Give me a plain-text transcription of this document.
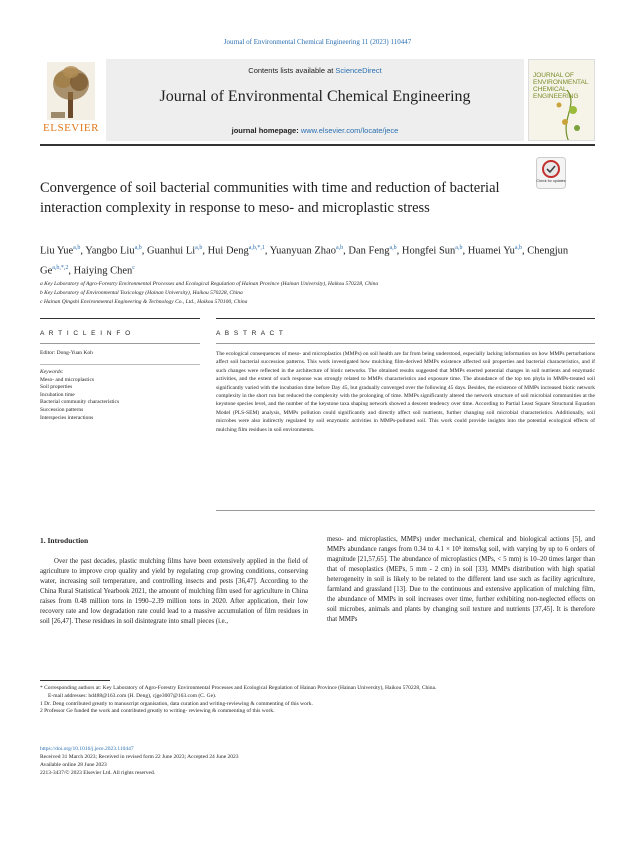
Journal of Environmental Chemical Engineering 11 (2023) 110447
ELSEVIER
Contents lists available at ScienceDirect
Journal of Environmental Chemical Engineering
journal homepage: www.elsevier.com/locate/jece
JOURNAL OF
ENVIRONMENTAL
CHEMICAL
ENGINEERING
Convergence of soil bacterial communities with time and reduction of bacterial interaction complexity in response to meso- and microplastic stress
Check for updates
Liu Yue$^{a,b}$, Yangbo Liu$^{a,b}$, Guanhui Li$^{a,b}$, Hui Deng$^{a,b,*,1}$, Yuanyuan Zhao$^{a,b}$, Dan Feng$^{a,b}$, Hongfei Sun$^{a,b}$, Huamei Yu$^{a,b}$, Chengjun $Ge^{a,b,*,2}$, Haiying Chen$^c$
a Key Laboratory of Agro-Forestry Environmental Processes and Ecological Regulation of Hainan Province (Hainan University), Haikou 570228, China
b Key Laboratory of Environmental Toxicology (Hainan University), Haikou 570228, China
c Hainan Qingshi Environmental Engineering & Technology Co., Ltd., Haikou 570100, China
A R T I C L E I N F O	A B S T R A C T
Editor: Dong-Yuan Koh
Keywords:
Meso- and microplastics
Soil properties
Incubation time
Bacterial community characteristics
Succession patterns
Interspecies interactions
The ecological consequences of meso- and microplastics (MMPs) on soil health are far from being understood, especially lacking information on how MMPs perturbations affect soil bacterial succession patterns. This work investigated how mulching film-derived MMPs existence affected soil properties and bacterial characteristics, and if such changes were reflected in the architecture of biotic networks. The obtained results suggested that MMPs exerted potential changes in soil nutrients and enzymatic activities, and the extent of such response was strongly related to MMPs characteristics and exposure time. The abundance of the top ten phyla in MMPs-treated soil significantly varied with the incubation time before Day 45, but gradually converged over the following 45 days. Besides, the existence of MMPs increased biotic network complexity in the short run but reduced the complexity with the prolonging of time. MMPs significantly altered the network structure of soil microbial communities at the keystone species level, and the number of the keystone taxa shaping network showed a descent tendency over time. According to Partial Least Square Structural Equation Model (PLS-SEM) analysis, MMPs pollution could significantly and directly affect soil nutrients, further changing soil microbial characteristics. Additionally, soil microbes were also indirectly regulated by soil enzymatic activities in MMPs-polluted soil. This work could provide insights into the potential ecological effects of mulching film residues in soil environments.
1. Introduction
Over the past decades, plastic mulching films have been extensively applied in the field of agriculture to improve crop quality and yield by regulating crop growing conditions, conserving water, increasing soil temperature, and controlling insects and pests [36,47]. According to the China Rural Statistical Yearbook 2021, the amount of mulching film used for agriculture in China raises from 0.48 million tons in 1990–2.39 million tons in 2020. After application, their low recovery rate and low degradation rate could lead to a massive accumulation of film residues in soil [26,47]. These residues in soil disintegrate into small pieces (i.e.,
meso- and microplastics, MMPs) under mechanical, chemical and biological actions [5], and MMPs abundance ranges from 0.34 to 4.1 × 10⁵ items/kg soil, with varying by up to 6 orders of magnitude [21,57,65]. The abundance of microplastics (MPs, < 5 mm) is 10–20 times larger than that of mesoplastics (MEPs, 5 mm - 2 cm) in soil [33]. MMPs distribution with high spatial heterogeneity in soil is likely to be related to the different land use such as facility agriculture, farmland and grassland [13]. Due to the continuous and extensive application of mulching film, the abundance of MMPs in soil increases over time, further exhibiting non-neglected effects on soil microbes, animals and plants by changing soil texture and nutrients [37,45]. It is therefore that MMPs
* Corresponding authors at: Key Laboratory of Agro-Forestry Environmental Processes and Ecological Regulation of Hainan Province (Hainan University), Haikou 570228, China.
E-mail addresses: hd488@163.com (H. Deng), cjge3007@163.com (C. Ge).
1 Dr. Deng contributed greatly to manuscript organisation, data curation and writing-reviewing & commenting of this work.
2 Professor Ge funded the work and contributed greatly to writing- reviewing & commenting of this work.
https://doi.org/10.1016/j.jece.2023.110447
Received 31 March 2023; Received in revised form 22 June 2023; Accepted 24 June 2023
Available online 28 June 2023
2213-3437/© 2023 Elsevier Ltd. All rights reserved.
